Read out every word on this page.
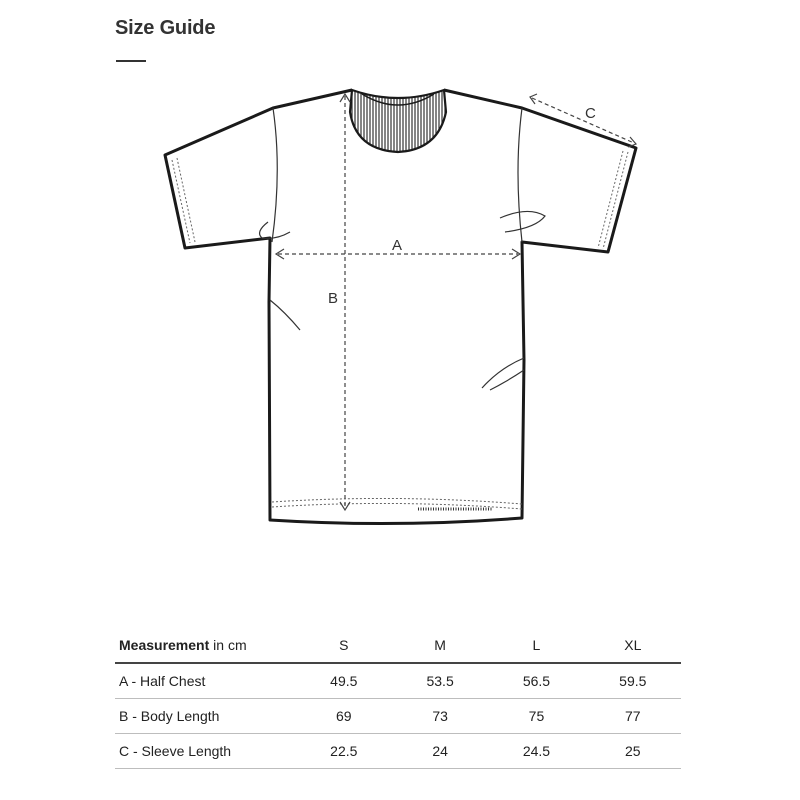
Size Guide
A
B
C
Measurement in cm	S	M	L	XL
A - Half Chest	49.5	53.5	56.5	59.5
B - Body Length	69	73	75	77
C - Sleeve Length	22.5	24	24.5	25
